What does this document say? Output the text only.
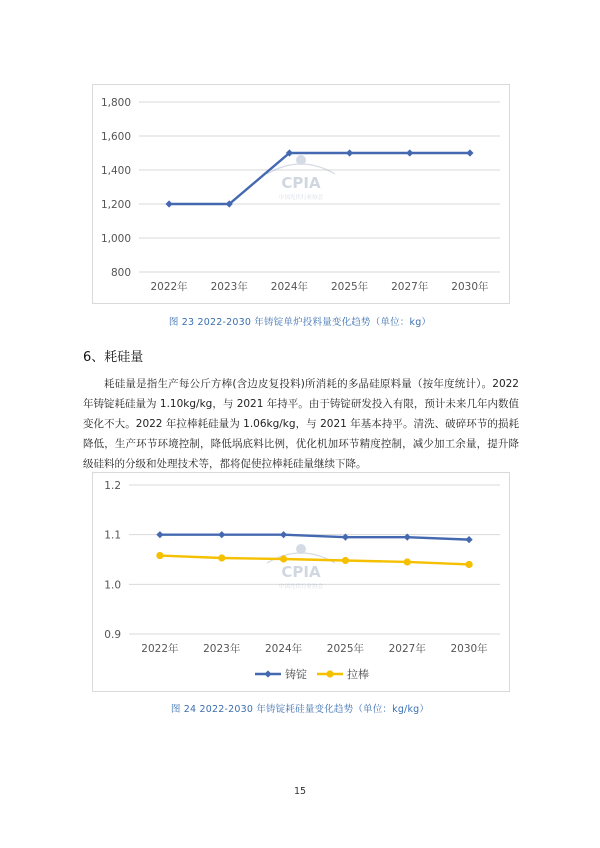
800
1,000
1,200
1,400
1,600
1,800
2022年 2023年 2024年 2025年 2027年 2030年
CPIA
中国光伏行业协会
图 23 2022-2030 年铸锭单炉投料量变化趋势（单位：kg）
6、耗硅量
耗硅量是指生产每公斤方棒(含边皮复投料)所消耗的多晶硅原料量（按年度统计）。2022 年铸锭耗硅量为 1.10kg/kg，与 2021 年持平。由于铸锭研发投入有限，预计未来几年内数值变化不大。2022 年拉棒耗硅量为 1.06kg/kg，与 2021 年基本持平。清洗、破碎环节的损耗降低，生产环节环境控制，降低埚底料比例，优化机加环节精度控制，减少加工余量，提升降级硅料的分级和处理技术等，都将促使拉棒耗硅量继续下降。
0.9
1.0
1.1
1.2
2022年 2023年 2024年 2025年 2027年 2030年
CPIA
中国光伏行业协会
铸锭	拉棒
图 24 2022-2030 年铸锭耗硅量变化趋势（单位：kg/kg）
15
